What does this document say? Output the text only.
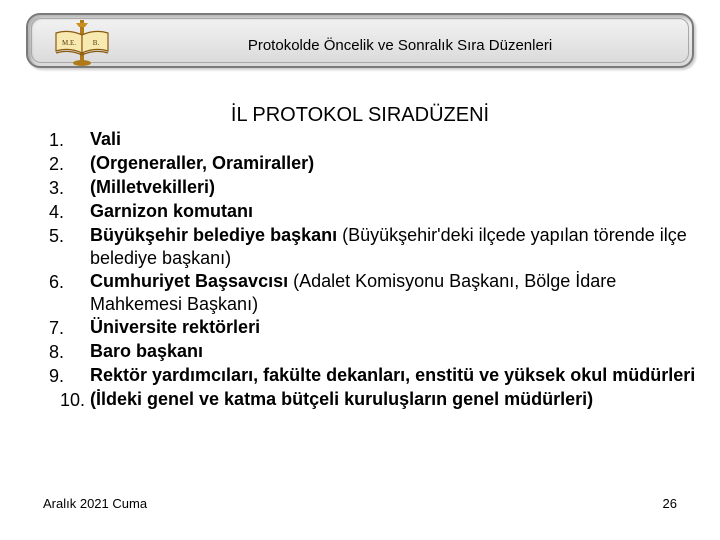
M.E. B.	Protokolde Öncelik ve Sonralık Sıra Düzenleri
İL PROTOKOL SIRADÜZENİ
1.	Vali
2.	(Orgeneraller, Oramiraller)
3.	(Milletvekilleri)
4.	Garnizon komutanı
5.	Büyükşehir belediye başkanı (Büyükşehir'deki ilçede yapılan törende ilçe belediye başkanı)
6.	Cumhuriyet Başsavcısı (Adalet Komisyonu Başkanı, Bölge İdare Mahkemesi Başkanı)
7.	Üniversite rektörleri
8.	Baro başkanı
9.	Rektör yardımcıları, fakülte dekanları, enstitü ve yüksek okul müdürleri
10. (İldeki genel ve katma bütçeli kuruluşların genel müdürleri)
Aralık 2021 Cuma	26
